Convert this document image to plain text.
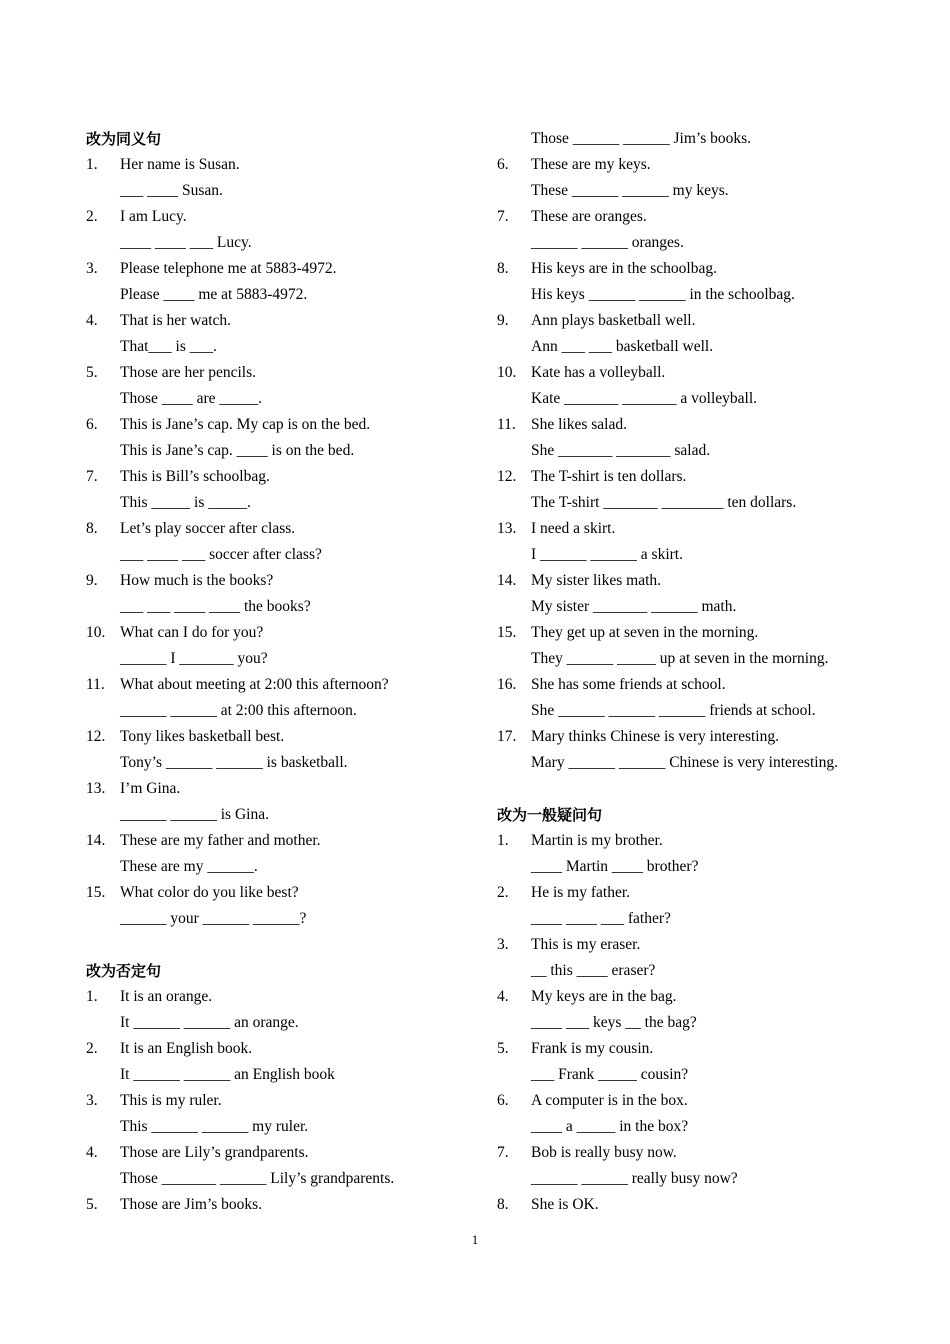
改为同义句
1. Her name is Susan.
___ ____ Susan.
2. I am Lucy.
____ ____ ___ Lucy.
3. Please telephone me at 5883-4972.
Please ____ me at 5883-4972.
4. That is her watch.
That___ is ___.
5. Those are her pencils.
Those ____ are _____.
6. This is Jane’s cap. My cap is on the bed.
This is Jane’s cap. ____ is on the bed.
7. This is Bill’s schoolbag.
This _____ is _____.
8. Let’s play soccer after class.
___ ____ ___ soccer after class?
9. How much is the books?
___ ___ ____ ____ the books?
10. What can I do for you?
______ I _______ you?
11. What about meeting at 2:00 this afternoon?
______ ______ at 2:00 this afternoon.
12. Tony likes basketball best.
Tony’s ______ ______ is basketball.
13. I’m Gina.
______ ______ is Gina.
14. These are my father and mother.
These are my ______.
15. What color do you like best?
______ your ______ ______?
改为否定句
1. It is an orange.
It ______ ______ an orange.
2. It is an English book.
It ______ ______ an English book
3. This is my ruler.
This ______ ______ my ruler.
4. Those are Lily’s grandparents.
Those _______ ______ Lily’s grandparents.
5. Those are Jim’s books.
Those ______ ______ Jim’s books.
6. These are my keys.
These ______ ______ my keys.
7. These are oranges.
______ ______ oranges.
8. His keys are in the schoolbag.
His keys ______ ______ in the schoolbag.
9. Ann plays basketball well.
Ann ___ ___ basketball well.
10. Kate has a volleyball.
Kate _______ _______ a volleyball.
11. She likes salad.
She _______ _______ salad.
12. The T-shirt is ten dollars.
The T-shirt _______ ________ ten dollars.
13. I need a skirt.
I ______ ______ a skirt.
14. My sister likes math.
My sister _______ ______ math.
15. They get up at seven in the morning.
They ______ _____ up at seven in the morning.
16. She has some friends at school.
She ______ ______ ______ friends at school.
17. Mary thinks Chinese is very interesting.
Mary ______ ______ Chinese is very interesting.
改为一般疑问句
1. Martin is my brother.
____ Martin ____ brother?
2. He is my father.
____ ____ ___ father?
3. This is my eraser.
__ this ____ eraser?
4. My keys are in the bag.
____ ___ keys __ the bag?
5. Frank is my cousin.
___ Frank _____ cousin?
6. A computer is in the box.
____ a _____ in the box?
7. Bob is really busy now.
______ ______ really busy now?
8. She is OK.
1
